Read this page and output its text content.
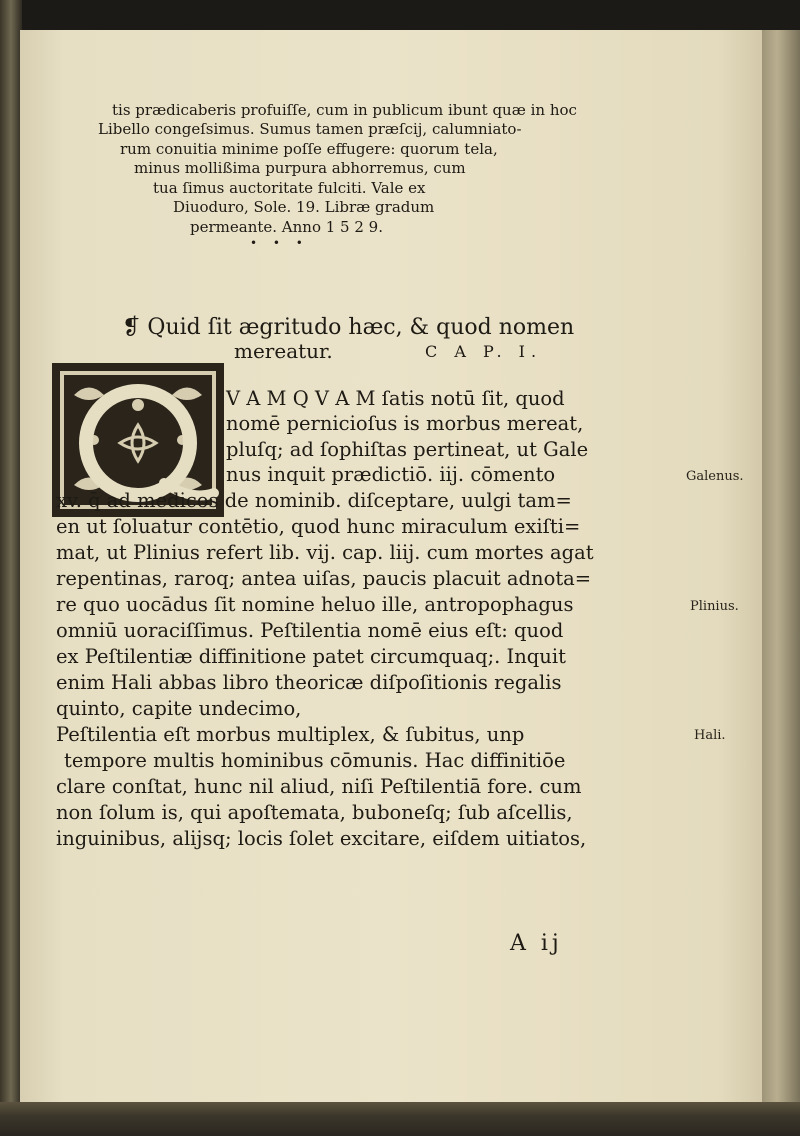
tis prædicaberis profuiſſe, cum in publicum ibunt quæ in hoc
Libello congeſsimus. Sumus tamen præſcij, calumniato-
rum conuitia minime poſſe effugere: quorum tela,
minus mollißima purpura abhorremus, cum
tua ſimus auctoritate fulciti. Vale ex
Diuoduro, Sole. 19. Libræ gradum
permeante. Anno 1 5 2 9.
• • •
❡ Quid ſit ægritudo hæc, & quod nomen
mereatur.	C A P. I.
V A M Q V A M ſatis notū ſit, quod
nomē pernicioſus is morbus mereat,
pluſq; ad ſophiſtas pertineat, ut Gale
nus inquit prædictiō. iij. cōmento
xv. q̄ ad medicos de nominib. diſceptare, uulgi tam=
en ut ſoluatur contētio, quod hunc miraculum exiſti=
mat, ut Plinius refert lib. vij. cap. liij. cum mortes agat
repentinas, raroq; antea uiſas, paucis placuit adnota=
re quo uocādus ſit nomine heluo ille, antropophagus
omniū uoraciſſimus. Peſtilentia nomē eius eſt: quod
ex Peſtilentiæ diffinitione patet circumquaq;. Inquit
enim Hali abbas libro theoricæ diſpoſitionis regalis
quinto, capite undecimo,
Peſtilentia eſt morbus multiplex, & ſubitus, unp
tempore multis hominibus cōmunis. Hac diffinitiōe
clare conſtat, hunc nil aliud, niſi Peſtilentiā fore. cum
non ſolum is, qui apoſtemata, buboneſq; ſub aſcellis,
inguinibus, alijsq; locis ſolet excitare, eiſdem uitiatos,
A ij
Galenus.
Plinius.
Hali.
